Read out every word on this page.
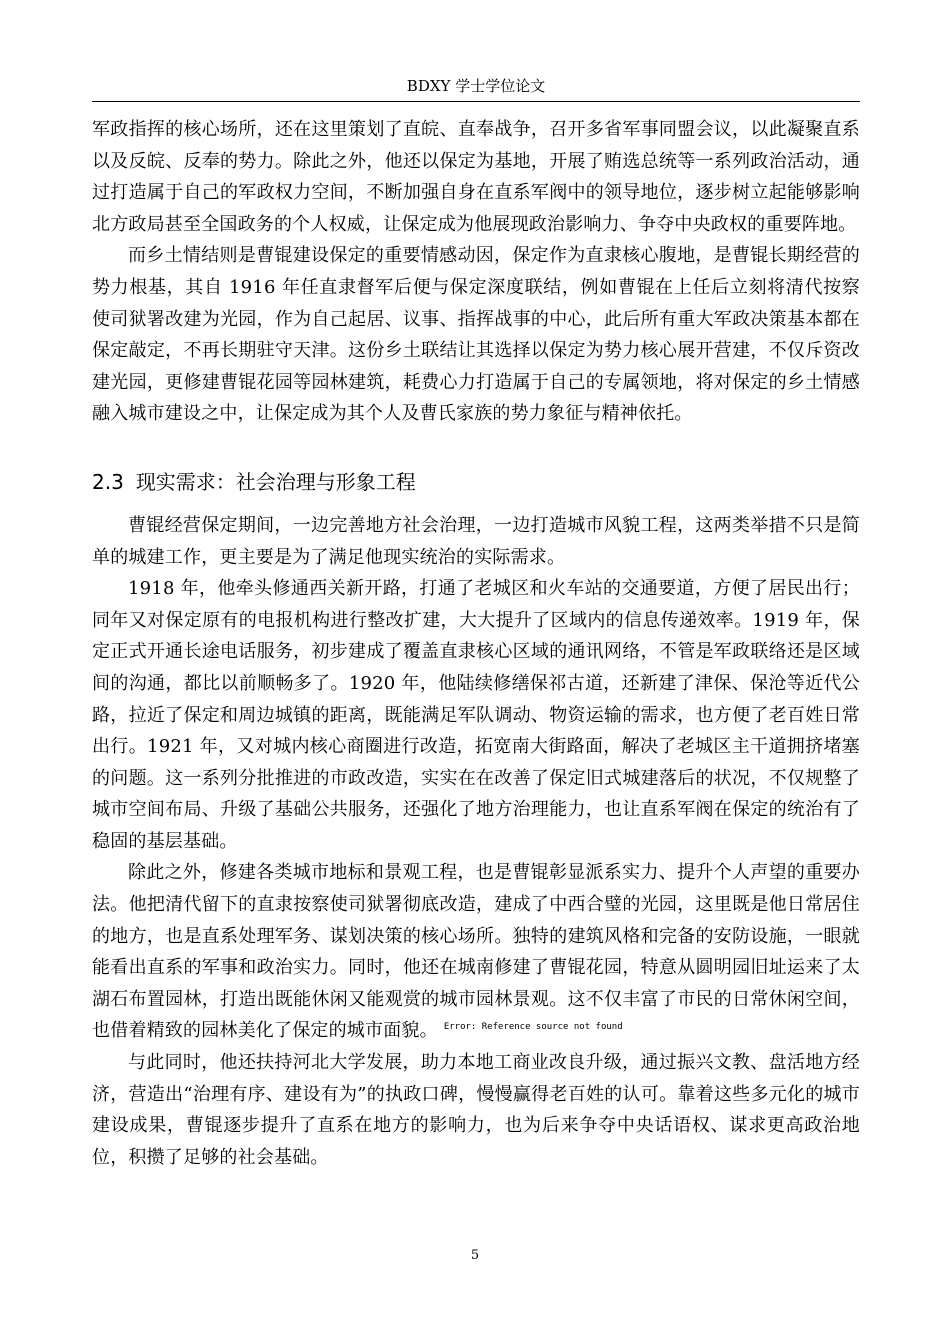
BDXY 学士学位论文

军政指挥的核心场所，还在这里策划了直皖、直奉战争，召开多省军事同盟会议，以此凝聚直系以及反皖、反奉的势力。除此之外，他还以保定为基地，开展了贿选总统等一系列政治活动，通过打造属于自己的军政权力空间，不断加强自身在直系军阀中的领导地位，逐步树立起能够影响北方政局甚至全国政务的个人权威，让保定成为他展现政治影响力、争夺中央政权的重要阵地。

而乡土情结则是曹锟建设保定的重要情感动因，保定作为直隶核心腹地，是曹锟长期经营的势力根基，其自 1916 年任直隶督军后便与保定深度联结，例如曹锟在上任后立刻将清代按察使司狱署改建为光园，作为自己起居、议事、指挥战事的中心，此后所有重大军政决策基本都在保定敲定，不再长期驻守天津。这份乡土联结让其选择以保定为势力核心展开营建，不仅斥资改建光园，更修建曹锟花园等园林建筑，耗费心力打造属于自己的专属领地，将对保定的乡土情感融入城市建设之中，让保定成为其个人及曹氏家族的势力象征与精神依托。

2.3 现实需求：社会治理与形象工程

曹锟经营保定期间，一边完善地方社会治理，一边打造城市风貌工程，这两类举措不只是简单的城建工作，更主要是为了满足他现实统治的实际需求。

1918 年，他牵头修通西关新开路，打通了老城区和火车站的交通要道，方便了居民出行；同年又对保定原有的电报机构进行整改扩建，大大提升了区域内的信息传递效率。1919 年，保定正式开通长途电话服务，初步建成了覆盖直隶核心区域的通讯网络，不管是军政联络还是区域间的沟通，都比以前顺畅多了。1920 年，他陆续修缮保祁古道，还新建了津保、保沧等近代公路，拉近了保定和周边城镇的距离，既能满足军队调动、物资运输的需求，也方便了老百姓日常出行。1921 年，又对城内核心商圈进行改造，拓宽南大街路面，解决了老城区主干道拥挤堵塞的问题。这一系列分批推进的市政改造，实实在在改善了保定旧式城建落后的状况，不仅规整了城市空间布局、升级了基础公共服务，还强化了地方治理能力，也让直系军阀在保定的统治有了稳固的基层基础。

除此之外，修建各类城市地标和景观工程，也是曹锟彰显派系实力、提升个人声望的重要办法。他把清代留下的直隶按察使司狱署彻底改造，建成了中西合璧的光园，这里既是他日常居住的地方，也是直系处理军务、谋划决策的核心场所。独特的建筑风格和完备的安防设施，一眼就能看出直系的军事和政治实力。同时，他还在城南修建了曹锟花园，特意从圆明园旧址运来了太湖石布置园林，打造出既能休闲又能观赏的城市园林景观。这不仅丰富了市民的日常休闲空间，也借着精致的园林美化了保定的城市面貌。 $^{Error: Reference source not found}$

与此同时，他还扶持河北大学发展，助力本地工商业改良升级，通过振兴文教、盘活地方经济，营造出“治理有序、建设有为”的执政口碑，慢慢赢得老百姓的认可。靠着这些多元化的城市建设成果，曹锟逐步提升了直系在地方的影响力，也为后来争夺中央话语权、谋求更高政治地位，积攒了足够的社会基础。

5
